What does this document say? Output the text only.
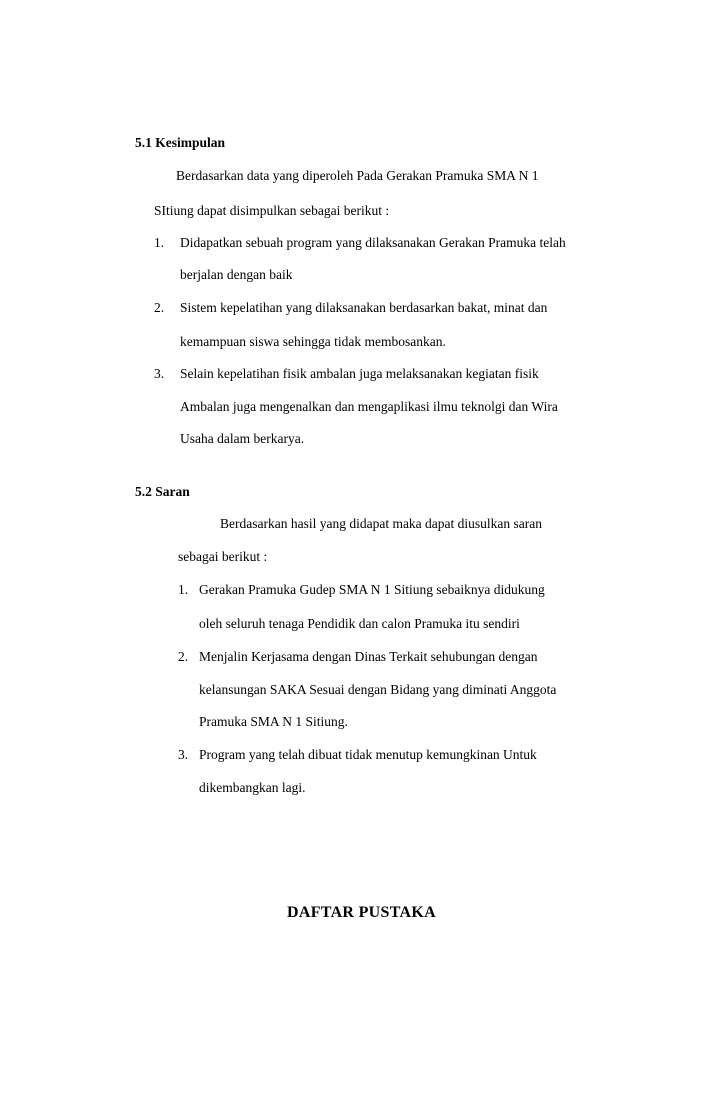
5.1 Kesimpulan
Berdasarkan data yang diperoleh Pada Gerakan Pramuka SMA N 1
SItiung dapat disimpulkan sebagai berikut :
1. Didapatkan sebuah program yang dilaksanakan Gerakan Pramuka telah
berjalan dengan baik
2. Sistem kepelatihan yang dilaksanakan berdasarkan bakat, minat dan
kemampuan siswa sehingga tidak membosankan.
3. Selain kepelatihan fisik ambalan juga melaksanakan kegiatan fisik
Ambalan juga mengenalkan dan mengaplikasi ilmu teknolgi dan Wira
Usaha dalam berkarya.
5.2 Saran
Berdasarkan hasil yang didapat maka dapat diusulkan saran
sebagai berikut :
1. Gerakan Pramuka Gudep SMA N 1 Sitiung sebaiknya didukung
oleh seluruh tenaga Pendidik dan calon Pramuka itu sendiri
2. Menjalin Kerjasama dengan Dinas Terkait sehubungan dengan
kelansungan SAKA Sesuai dengan Bidang yang diminati Anggota
Pramuka SMA N 1 Sitiung.
3. Program yang telah dibuat tidak menutup kemungkinan Untuk
dikembangkan lagi.
DAFTAR PUSTAKA
